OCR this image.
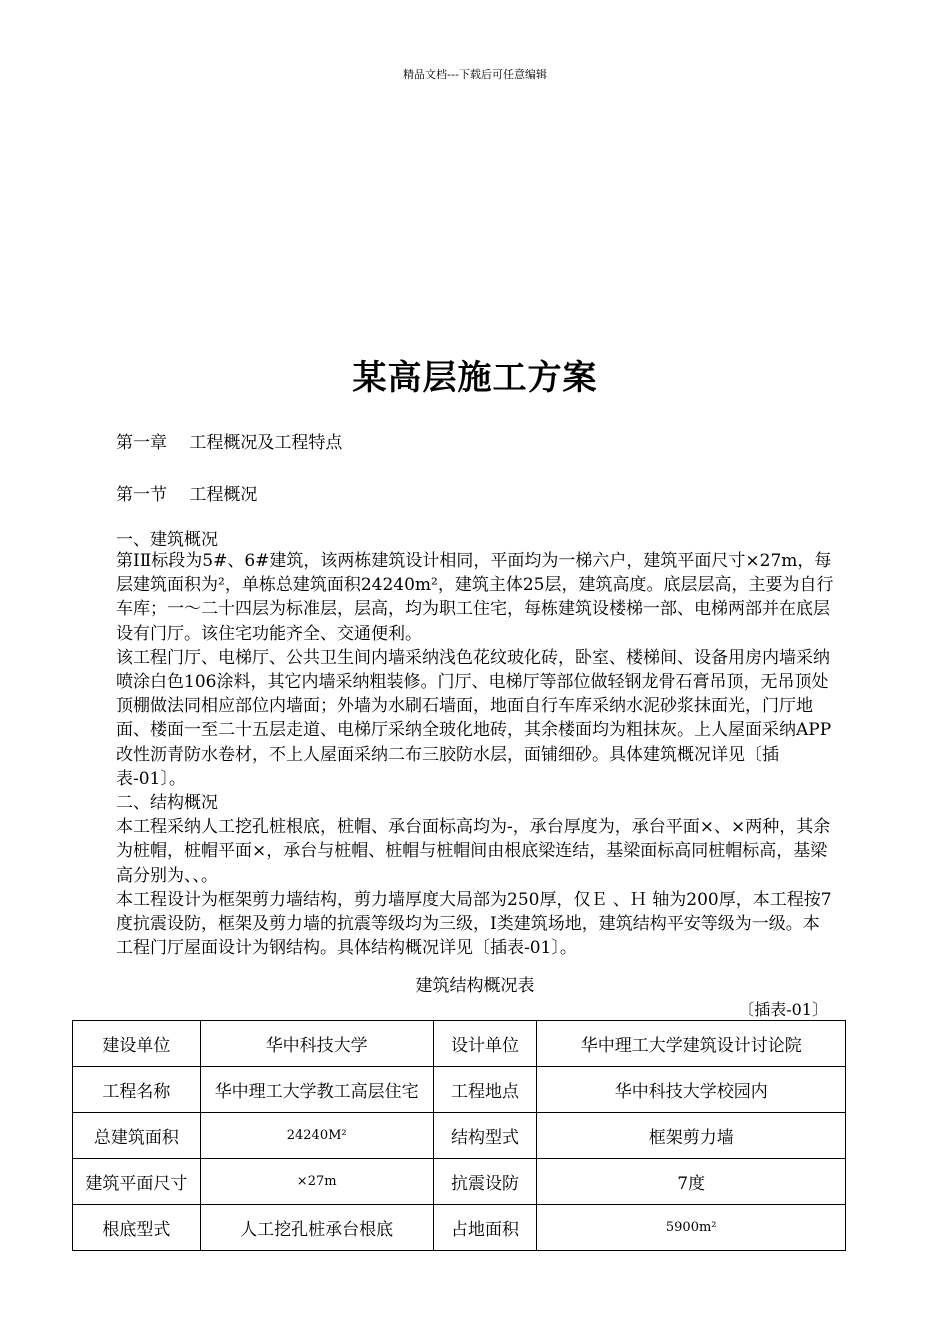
精品文档---下载后可任意编辑
某高层施工方案
第一章　 工程概况及工程特点
第一节　 工程概况
一、建筑概况

第ⅠⅡ标段为5#、6#建筑，该两栋建筑设计相同，平面均为一梯六户，建筑平面尺寸×27m，每层建筑面积为²，单栋总建筑面积24240m²，建筑主体25层，建筑高度。底层层高，主要为自行车库；一～二十四层为标准层，层高，均为职工住宅，每栋建筑设楼梯一部、电梯两部并在底层设有门厅。该住宅功能齐全、交通便利。

该工程门厅、电梯厅、公共卫生间内墙采纳浅色花纹玻化砖，卧室、楼梯间、设备用房内墙采纳喷涂白色106涂料，其它内墙采纳粗装修。门厅、电梯厅等部位做轻钢龙骨石膏吊顶，无吊顶处顶棚做法同相应部位内墙面；外墙为水刷石墙面，地面自行车库采纳水泥砂浆抹面光，门厅地面、楼面一至二十五层走道、电梯厅采纳全玻化地砖，其余楼面均为粗抹灰。上人屋面采纳APP改性沥青防水卷材，不上人屋面采纳二布三胶防水层，面铺细砂。具体建筑概况详见〔插表-01〕。

二、结构概况

本工程采纳人工挖孔桩根底，桩帽、承台面标高均为-，承台厚度为，承台平面×、×两种，其余为桩帽，桩帽平面×，承台与桩帽、桩帽与桩帽间由根底梁连结，基梁面标高同桩帽标高，基梁高分别为、、。

本工程设计为框架剪力墙结构，剪力墙厚度大局部为250厚，仅Ｅ 、Ｈ 轴为200厚，本工程按7度抗震设防，框架及剪力墙的抗震等级均为三级，Ⅰ类建筑场地，建筑结构平安等级为一级。本工程门厅屋面设计为钢结构。具体结构概况详见〔插表-01〕。

建筑结构概况表
〔插表-01〕
建设单位	华中科技大学	设计单位	华中理工大学建筑设计讨论院
工程名称	华中理工大学教工高层住宅	工程地点	华中科技大学校园内
总建筑面积	24240M²	结构型式	框架剪力墙
建筑平面尺寸	×27m	抗震设防	7度
根底型式	人工挖孔桩承台根底	占地面积	5900m²
